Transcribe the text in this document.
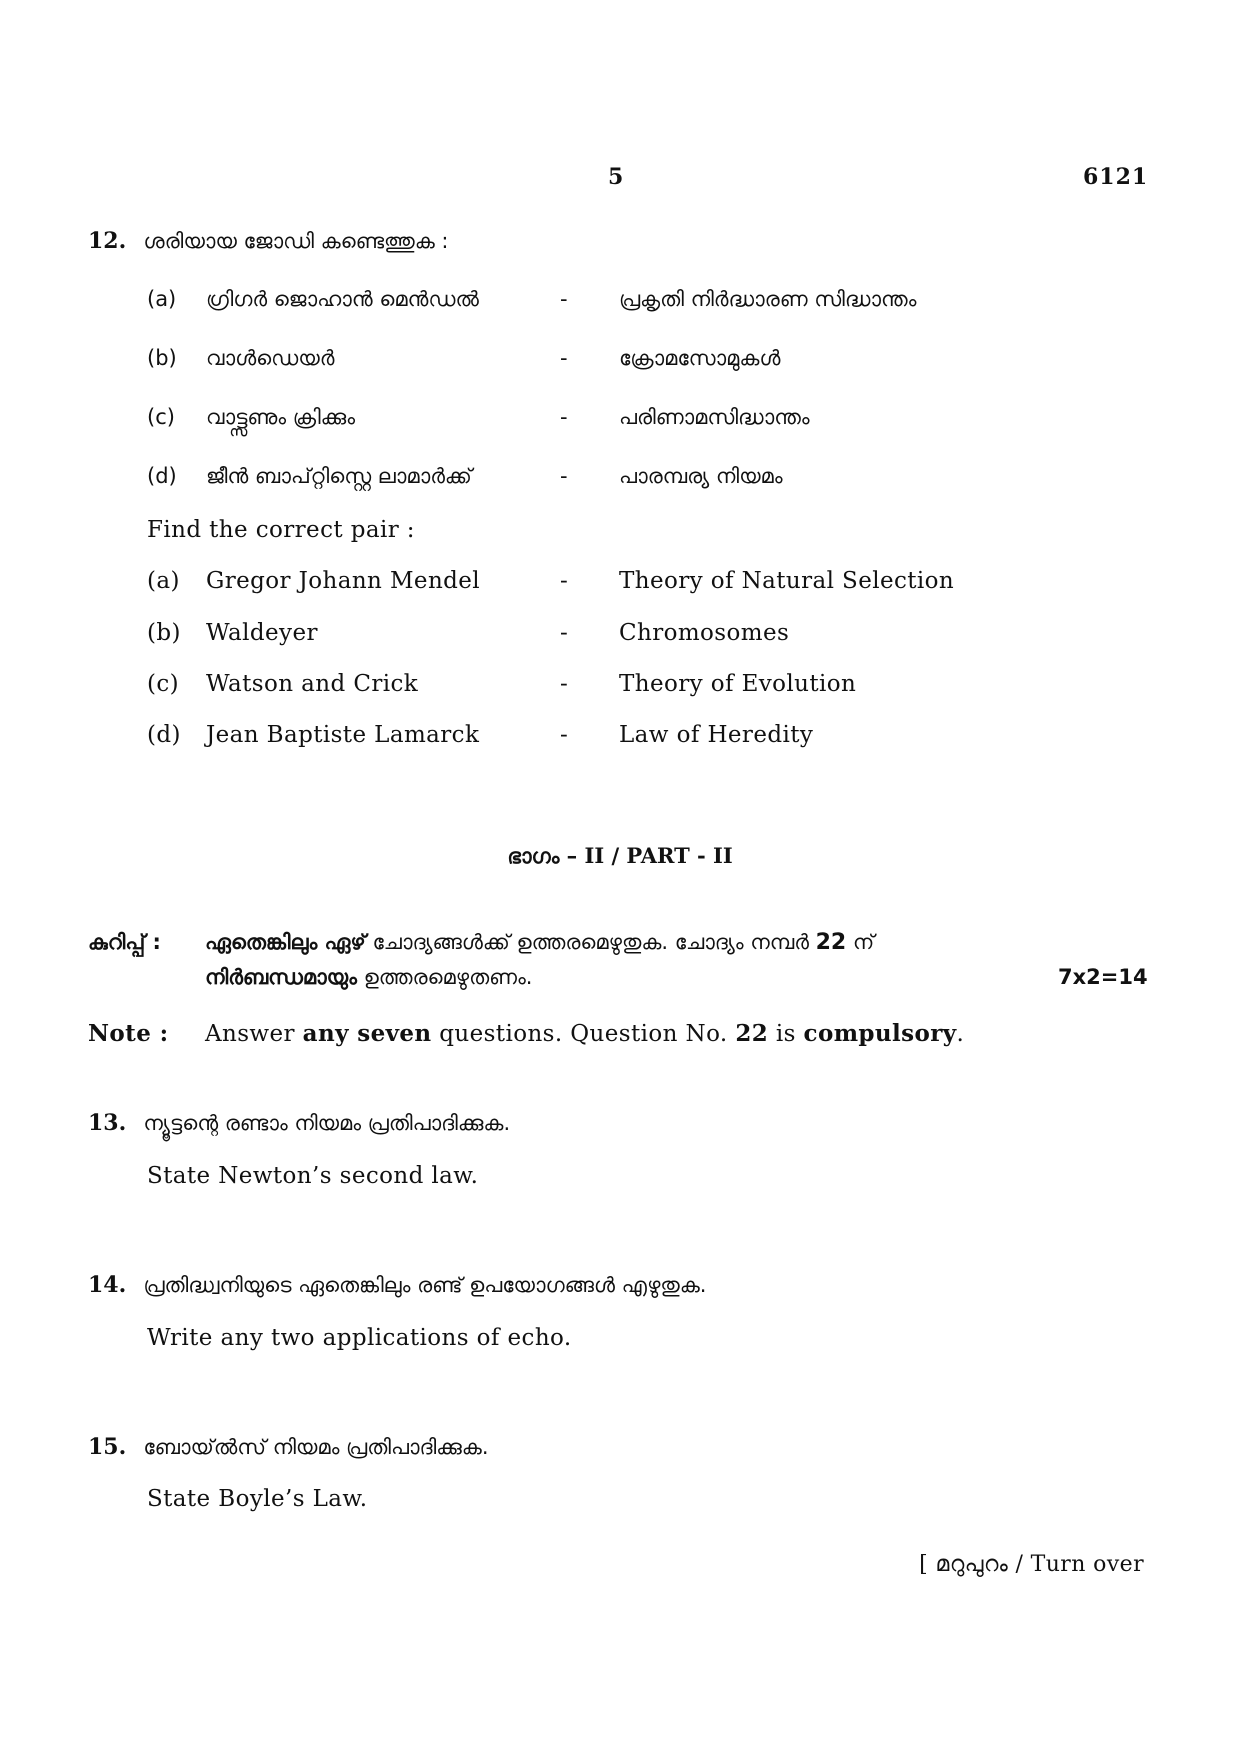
5	6121
12. ശരിയായ ജോഡി കണ്ടെത്തുക :
(a) ഗ്രിഗർ ജൊഹാൻ മെൻഡൽ	- പ്രകൃതി നിർദ്ധാരണ സിദ്ധാന്തം
(b) വാൾഡെയർ	- ക്രോമസോമുകൾ
(c) വാട്ട്സണും ക്രിക്കും	- പരിണാമസിദ്ധാന്തം
(d) ജീൻ ബാപ്റ്റിസ്റ്റെ ലാമാർക്ക്	- പാരമ്പര്യ നിയമം
Find the correct pair :
(a) Gregor Johann Mendel	- Theory of Natural Selection
(b) Waldeyer	- Chromosomes
(c) Watson and Crick	- Theory of Evolution
(d) Jean Baptiste Lamarck	- Law of Heredity
ഭാഗം – II / PART - II
കുറിപ്പ് : ഏതെങ്കിലും ഏഴ് ചോദ്യങ്ങൾക്ക് ഉത്തരമെഴുതുക. ചോദ്യം നമ്പർ 22 ന്
നിർബന്ധമായും ഉത്തരമെഴുതണം.	7x2=14
Note : Answer any seven questions. Question No. 22 is compulsory.
13. ന്യൂട്ടന്റെ രണ്ടാം നിയമം പ്രതിപാദിക്കുക.
State Newton’s second law.
14. പ്രതിദ്ധ്വനിയുടെ ഏതെങ്കിലും രണ്ട് ഉപയോഗങ്ങൾ എഴുതുക.
Write any two applications of echo.
15. ബോയ്ൽസ് നിയമം പ്രതിപാദിക്കുക.
State Boyle’s Law.
[ മറുപുറം / Turn over
